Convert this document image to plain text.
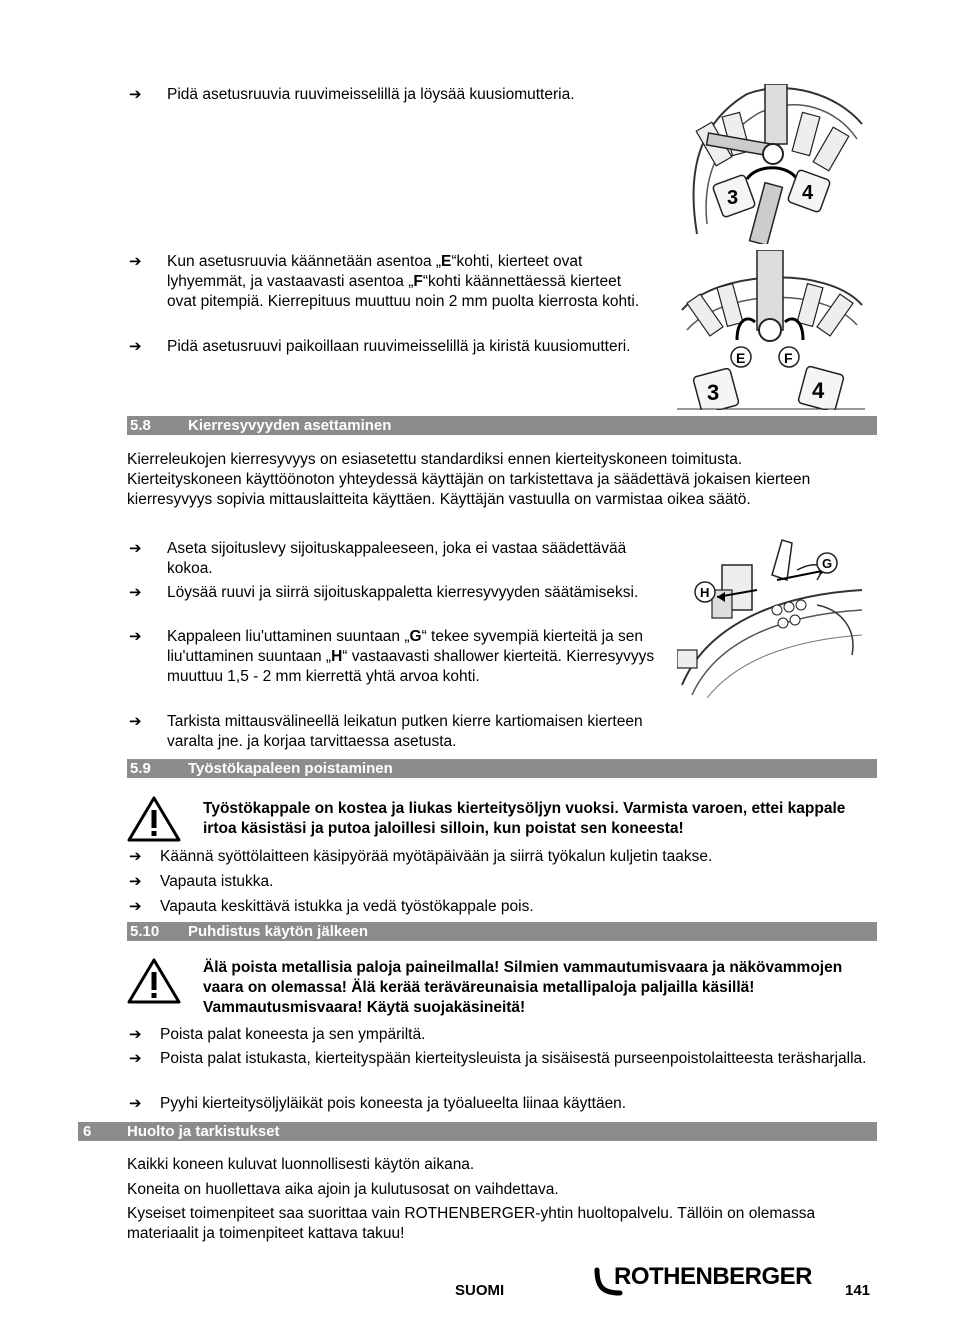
➔	Pidä asetusruuvia ruuvimeisselillä ja löysää kuusiomutteria.
3	4
➔	Kun asetusruuvia käännetään asentoa „E“kohti, kierteet ovat lyhyemmät, ja vastaavasti asentoa „F“kohti käännettäessä kierteet ovat pitempiä. Kierrepituus muuttuu noin 2 mm puolta kierrosta kohti.
➔	Pidä asetusruuvi paikoillaan ruuvimeisselillä ja kiristä kuusiomutteri.
E	F
3	4
5.8 Kierresyvyyden asettaminen
Kierreleukojen kierresyvyys on esiasetettu standardiksi ennen kierteityskoneen toimitusta. Kierteityskoneen käyttöönoton yhteydessä käyttäjän on tarkistettava ja säädettävä jokaisen kierteen kierresyvyys sopivia mittauslaitteita käyttäen. Käyttäjän vastuulla on varmistaa oikea säätö.
➔	Aseta sijoituslevy sijoituskappaleeseen, joka ei vastaa säädettävää kokoa.
➔	Löysää ruuvi ja siirrä sijoituskappaletta kierresyvyyden säätämiseksi.
➔	Kappaleen liu'uttaminen suuntaan „G“ tekee syvempiä kierteitä ja sen liu'uttaminen suuntaan „H“ vastaavasti shallower kierteitä. Kierresyvyys muuttuu 1,5 - 2 mm kierrettä yhtä arvoa kohti.
➔	Tarkista mittausvälineellä leikatun putken kierre kartiomaisen kierteen varalta jne. ja korjaa tarvittaessa asetusta.
G
H
5.9 Työstökapaleen poistaminen
Työstökappale on kostea ja liukas kierteitysöljyn vuoksi. Varmista varoen, ettei kappale irtoa käsistäsi ja putoa jaloillesi silloin, kun poistat sen koneesta!
➔	Käännä syöttölaitteen käsipyörää myötäpäivään ja siirrä työkalun kuljetin taakse.
➔	Vapauta istukka.
➔	Vapauta keskittävä istukka ja vedä työstökappale pois.
5.10 Puhdistus käytön jälkeen
Älä poista metallisia paloja paineilmalla! Silmien vammautumisvaara ja näkövammojen vaara on olemassa! Älä kerää teräväreunaisia metallipaloja paljailla käsillä! Vammautusmisvaara! Käytä suojakäsineitä!
➔	Poista palat koneesta ja sen ympäriltä.
➔	Poista palat istukasta, kierteityspään kierteitysleuista ja sisäisestä purseenpoistolaitteesta teräsharjalla.
➔	Pyyhi kierteitysöljyläikät pois koneesta ja työalueelta liinaa käyttäen.
6 Huolto ja tarkistukset
Kaikki koneen kuluvat luonnollisesti käytön aikana.
Koneita on huollettava aika ajoin ja kulutusosat on vaihdettava.
Kyseiset toimenpiteet saa suorittaa vain ROTHENBERGER-yhtin huoltopalvelu. Tällöin on olemassa materiaalit ja toimenpiteet kattava takuu!
SUOMI
ROTHENBERGER
141
